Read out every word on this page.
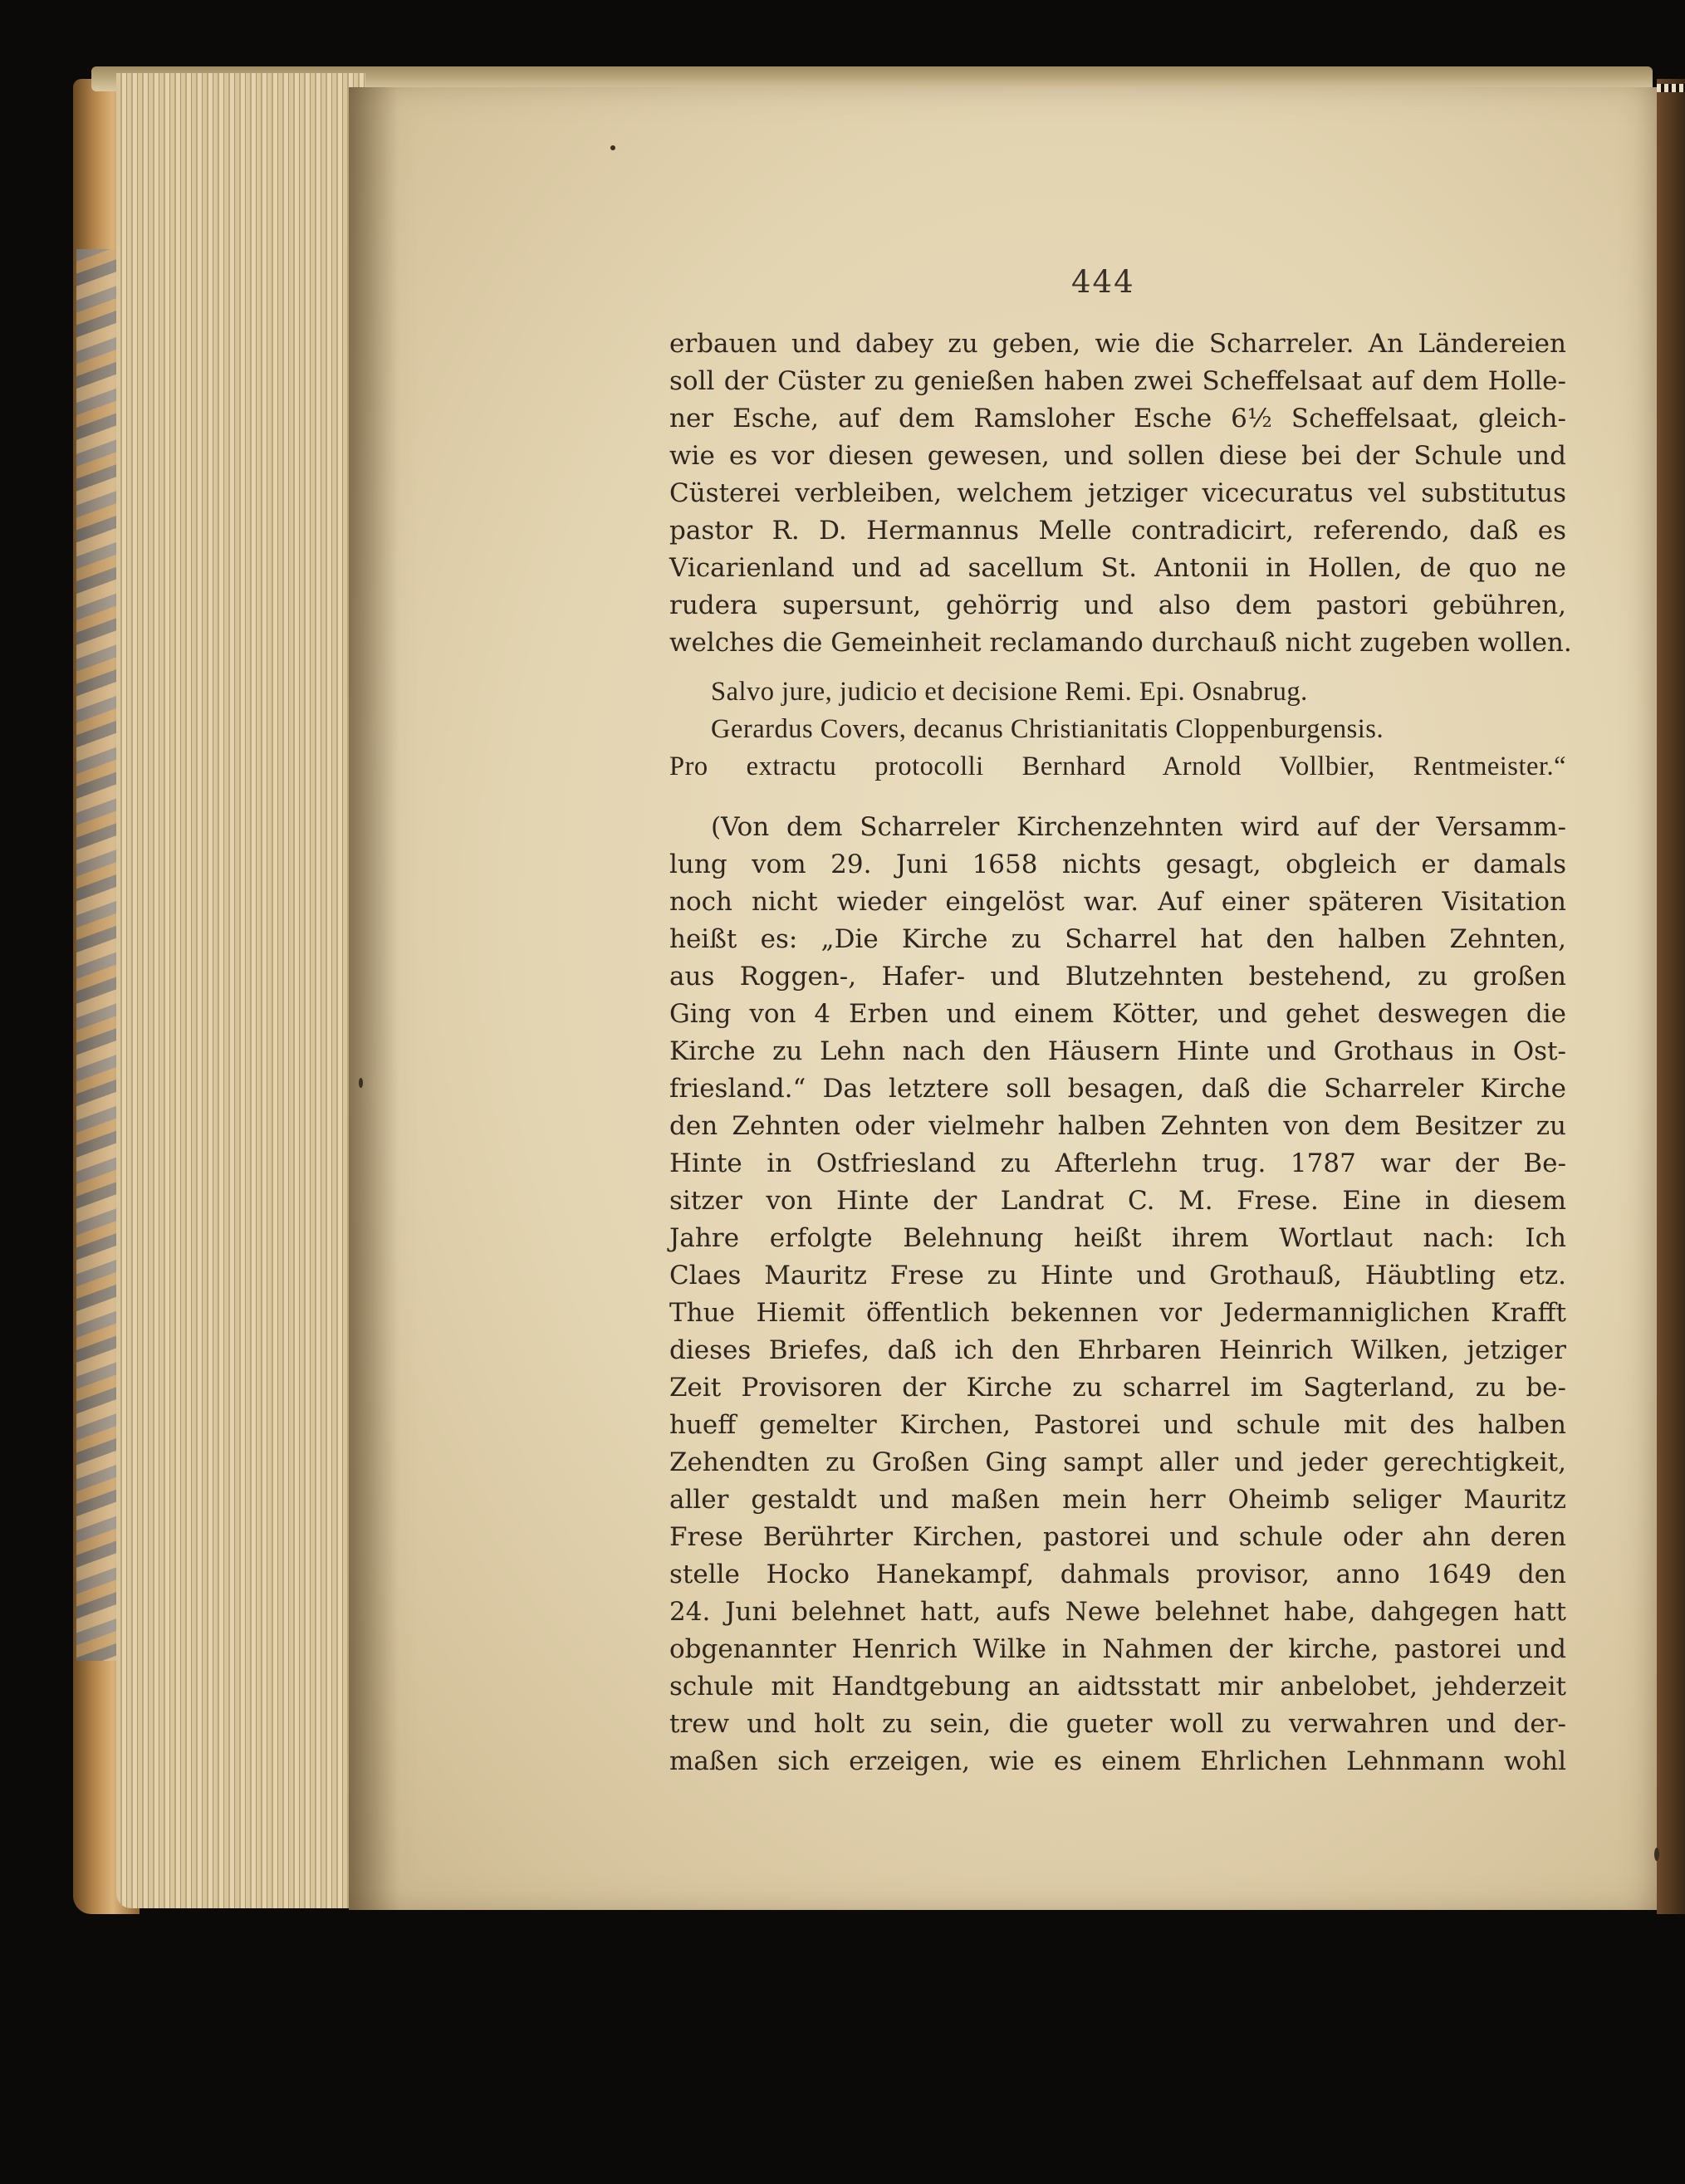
444
erbauen und dabey zu geben, wie die Scharreler. An Ländereien
soll der Cüster zu genießen haben zwei Scheffelsaat auf dem Holle-
ner Esche, auf dem Ramsloher Esche 6½ Scheffelsaat, gleich-
wie es vor diesen gewesen, und sollen diese bei der Schule und
Cüsterei verbleiben, welchem jetziger vicecuratus vel substitutus
pastor R. D. Hermannus Melle contradicirt, referendo, daß es
Vicarienland und ad sacellum St. Antonii in Hollen, de quo ne
rudera supersunt, gehörrig und also dem pastori gebühren,
welches die Gemeinheit reclamando durchauß nicht zugeben wollen.
Salvo jure, judicio et decisione Remi. Epi. Osnabrug.
Gerardus Covers, decanus Christianitatis Cloppenburgensis.
Pro extractu protocolli Bernhard Arnold Vollbier, Rentmeister.“
(Von dem Scharreler Kirchenzehnten wird auf der Versamm-
lung vom 29. Juni 1658 nichts gesagt, obgleich er damals
noch nicht wieder eingelöst war. Auf einer späteren Visitation
heißt es: „Die Kirche zu Scharrel hat den halben Zehnten,
aus Roggen-, Hafer- und Blutzehnten bestehend, zu großen
Ging von 4 Erben und einem Kötter, und gehet deswegen die
Kirche zu Lehn nach den Häusern Hinte und Grothaus in Ost-
friesland.“ Das letztere soll besagen, daß die Scharreler Kirche
den Zehnten oder vielmehr halben Zehnten von dem Besitzer zu
Hinte in Ostfriesland zu Afterlehn trug. 1787 war der Be-
sitzer von Hinte der Landrat C. M. Frese. Eine in diesem
Jahre erfolgte Belehnung heißt ihrem Wortlaut nach: Ich
Claes Mauritz Frese zu Hinte und Grothauß, Häubtling etz.
Thue Hiemit öffentlich bekennen vor Jedermanniglichen Krafft
dieses Briefes, daß ich den Ehrbaren Heinrich Wilken, jetziger
Zeit Provisoren der Kirche zu scharrel im Sagterland, zu be-
hueff gemelter Kirchen, Pastorei und schule mit des halben
Zehendten zu Großen Ging sampt aller und jeder gerechtigkeit,
aller gestaldt und maßen mein herr Oheimb seliger Mauritz
Frese Berührter Kirchen, pastorei und schule oder ahn deren
stelle Hocko Hanekampf, dahmals provisor, anno 1649 den
24. Juni belehnet hatt, aufs Newe belehnet habe, dahgegen hatt
obgenannter Henrich Wilke in Nahmen der kirche, pastorei und
schule mit Handtgebung an aidtsstatt mir anbelobet, jehderzeit
trew und holt zu sein, die gueter woll zu verwahren und der-
maßen sich erzeigen, wie es einem Ehrlichen Lehnmann wohl
